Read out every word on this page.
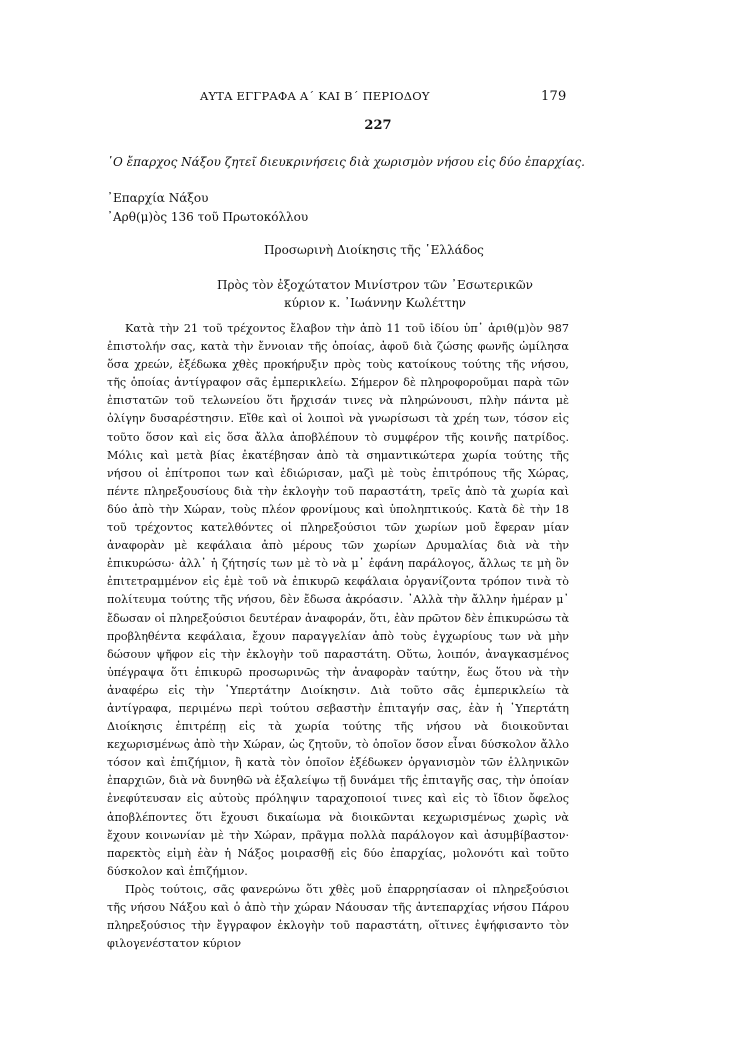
ΑΥΤΑ ΕΓΓΡΑΦΑ Α΄ ΚΑΙ Β΄ ΠΕΡΙΟΔΟΥ	179
227
῾Ο ἔπαρχος Νάξου ζητεῖ διευκρινήσεις διὰ χωρισμὸν νήσου εἰς δύο ἐπαρχίας.
᾿Επαρχία Νάξου
᾿Αρθ(μ)ὸς 136 τοῦ Πρωτοκόλλου
Προσωρινὴ Διοίκησις τῆς ῾Ελλάδος
Πρὸς τὸν ἐξοχώτατον Μινίστρον τῶν ᾿Εσωτερικῶν
κύριον κ. ᾿Ιωάννην Κωλέττην

Κατὰ τὴν 21 τοῦ τρέχοντος ἔλαβον τὴν ἀπὸ 11 τοῦ ἰδίου ὑπ᾿ ἀριθ(μ)ὸν 987 ἐπιστολήν σας, κατὰ τὴν ἔννοιαν τῆς ὁποίας, ἀφοῦ διὰ ζώσης φωνῆς ὡμίλησα ὅσα χρεών, ἐξέδωκα χθὲς προκήρυξιν πρὸς τοὺς κατοίκους τούτης τῆς νήσου, τῆς ὁποίας ἀντίγραφον σᾶς ἐμπερικλείω. Σήμερον δὲ πληροφοροῦμαι παρὰ τῶν ἐπιστατῶν τοῦ τελωνείου ὅτι ἤρχισάν τινες νὰ πληρώνουσι, πλὴν πάντα μὲ ὀλίγην δυσαρέστησιν. Εἴθε καὶ οἱ λοιποὶ νὰ γνωρίσωσι τὰ χρέη των, τόσον εἰς τοῦτο ὅσον καὶ εἰς ὅσα ἄλλα ἀποβλέπουν τὸ συμφέρον τῆς κοινῆς πατρίδος. Μόλις καὶ μετὰ βίας ἐκατέβησαν ἀπὸ τὰ σημαντικώτερα χωρία τούτης τῆς νήσου οἱ ἐπίτροποι των καὶ ἐδιώρισαν, μαζὶ μὲ τοὺς ἐπιτρόπους τῆς Χώρας, πέντε πληρεξουσίους διὰ τὴν ἐκλογὴν τοῦ παραστάτη, τρεῖς ἀπὸ τὰ χωρία καὶ δύο ἀπὸ τὴν Χώραν, τοὺς πλέον φρονίμους καὶ ὑποληπτικούς. Κατὰ δὲ τὴν 18 τοῦ τρέχοντος κατελθόντες οἱ πληρεξούσιοι τῶν χωρίων μοῦ ἔφεραν μίαν ἀναφορὰν μὲ κεφάλαια ἀπὸ μέρους τῶν χωρίων Δρυμαλίας διὰ νὰ τὴν ἐπικυρώσω· ἀλλ᾿ ἡ ζήτησίς των μὲ τὸ νὰ μ᾿ ἐφάνη παράλογος, ἄλλως τε μὴ ὂν ἐπιτετραμμένον εἰς ἐμὲ τοῦ νὰ ἐπικυρῶ κεφάλαια ὀργανίζοντα τρόπον τινὰ τὸ πολίτευμα τούτης τῆς νήσου, δὲν ἔδωσα ἀκρόασιν. ᾿Αλλὰ τὴν ἄλλην ἡμέραν μ᾿ ἔδωσαν οἱ πληρεξούσιοι δευτέραν ἀναφοράν, ὅτι, ἐὰν πρῶτον δὲν ἐπικυρώσω τὰ προβληθέντα κεφάλαια, ἔχουν παραγγελίαν ἀπὸ τοὺς ἐγχωρίους των νὰ μὴν δώσουν ψῆφον εἰς τὴν ἐκλογὴν τοῦ παραστάτη. Οὕτω, λοιπόν, ἀναγκασμένος ὑπέγραψα ὅτι ἐπικυρῶ προσωρινῶς τὴν ἀναφορὰν ταύτην, ἕως ὅτου νὰ τὴν ἀναφέρω εἰς τὴν ῾Υπερτάτην Διοίκησιν. Διὰ τοῦτο σᾶς ἐμπερικλείω τὰ ἀντίγραφα, περιμένω περὶ τούτου σεβαστὴν ἐπιταγήν σας, ἐὰν ἡ ῾Υπερτάτη Διοίκησις ἐπιτρέπῃ εἰς τὰ χωρία τούτης τῆς νήσου νὰ διοικοῦνται κεχωρισμένως ἀπὸ τὴν Χώραν, ὡς ζητοῦν, τὸ ὁποῖον ὅσον εἶναι δύσκολον ἄλλο τόσον καὶ ἐπιζήμιον, ἢ κατὰ τὸν ὁποῖον ἐξέδωκεν ὀργανισμὸν τῶν ἑλληνικῶν ἐπαρχιῶν, διὰ νὰ δυνηθῶ νὰ ἐξαλείψω τῇ δυνάμει τῆς ἐπιταγῆς σας, τὴν ὁποίαν ἐνεφύτευσαν εἰς αὐτοὺς πρόληψιν ταραχοποιοί τινες καὶ εἰς τὸ ἴδιον ὄφελος ἀποβλέποντες ὅτι ἔχουσι δικαίωμα νὰ διοικῶνται κεχωρισμένως χωρὶς νὰ ἔχουν κοινωνίαν μὲ τὴν Χώραν, πρᾶγμα πολλὰ παράλογον καὶ ἀσυμβίβαστον· παρεκτὸς εἰμὴ ἐὰν ἡ Νάξος μοιρασθῇ εἰς δύο ἐπαρχίας, μολονότι καὶ τοῦτο δύσκολον καὶ ἐπιζήμιον.

Πρὸς τούτοις, σᾶς φανερώνω ὅτι χθὲς μοῦ ἐπαρρησίασαν οἱ πληρεξούσιοι τῆς νήσου Νάξου καὶ ὁ ἀπὸ τὴν χώραν Νάουσαν τῆς ἀντεπαρχίας νήσου Πάρου πληρεξούσιος τὴν ἔγγραφον ἐκλογὴν τοῦ παραστάτη, οἵτινες ἐψήφισαντο τὸν φιλογενέστατον κύριον
